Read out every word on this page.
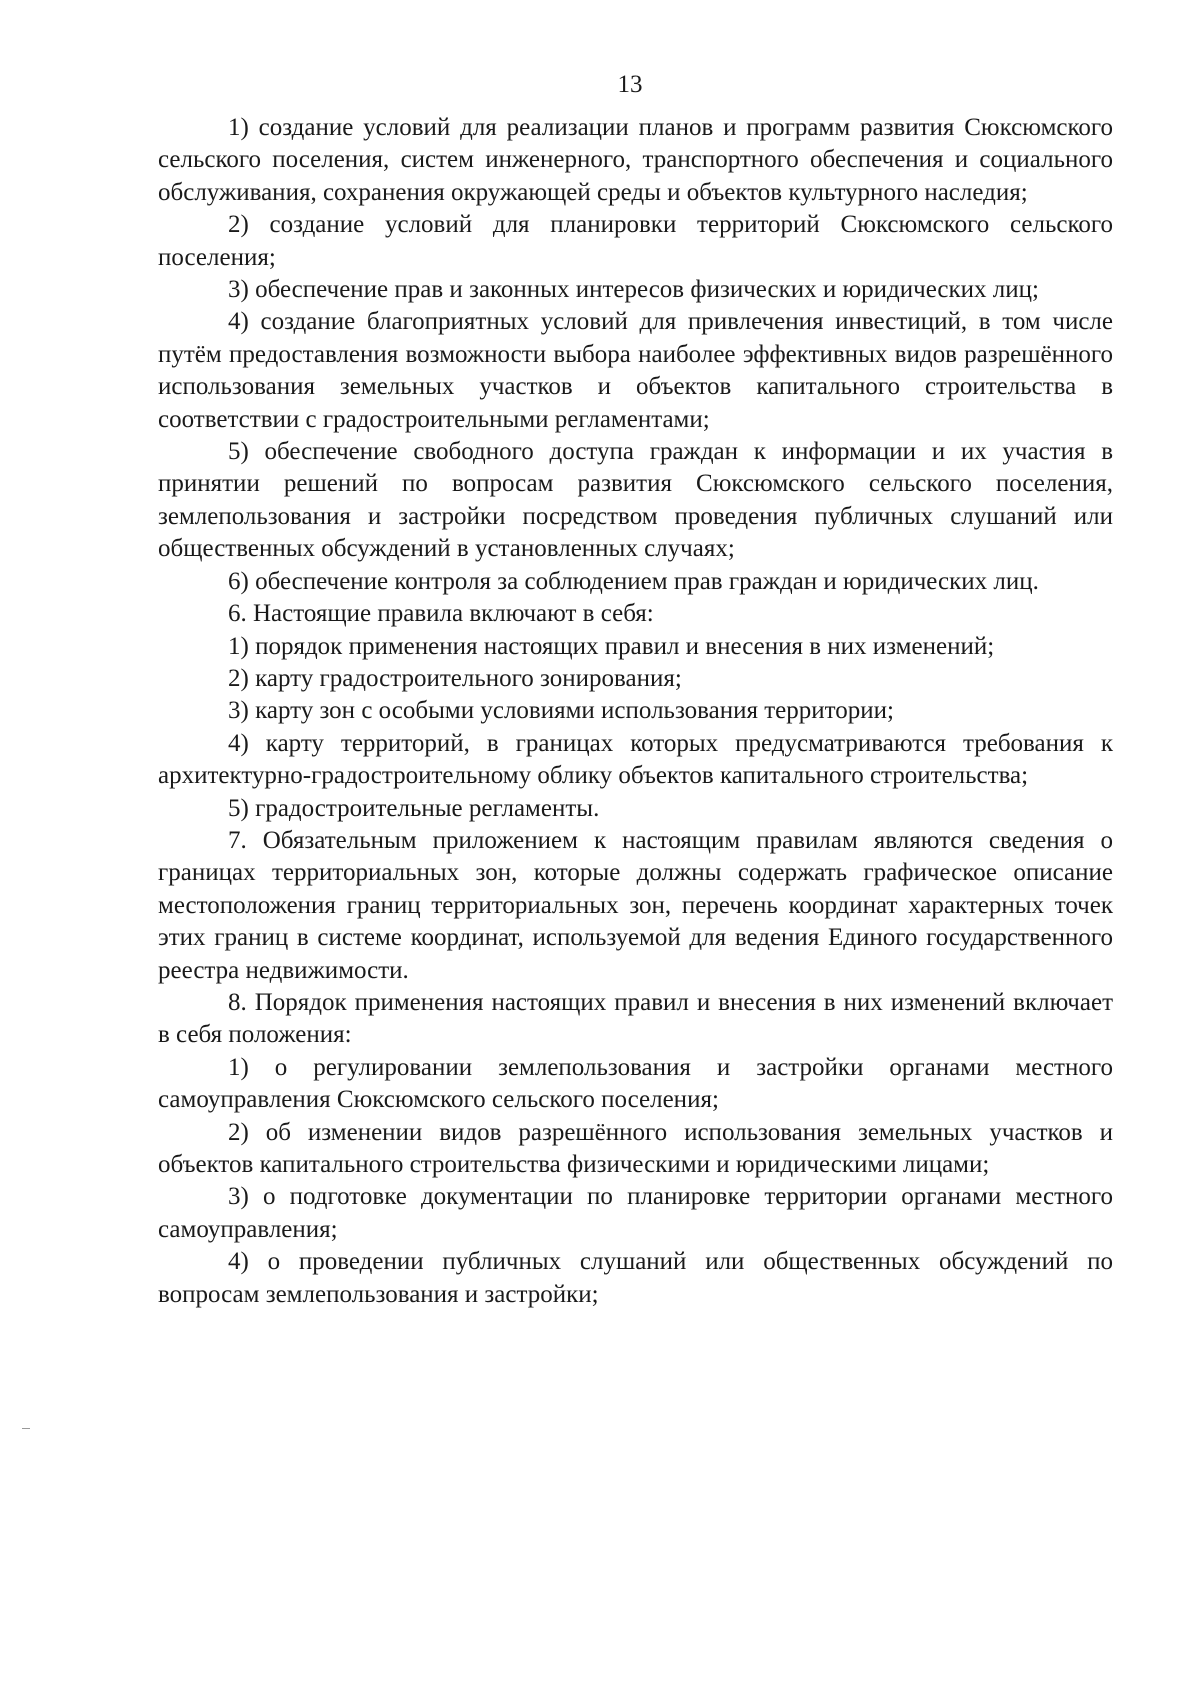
13

1) создание условий для реализации планов и программ развития Сюксюмского сельского поселения, систем инженерного, транспортного обеспечения и социального обслуживания, сохранения окружающей среды и объектов культурного наследия;

2) создание условий для планировки территорий Сюксюмского сельского поселения;

3) обеспечение прав и законных интересов физических и юридических лиц;

4) создание благоприятных условий для привлечения инвестиций, в том числе путём предоставления возможности выбора наиболее эффективных видов разрешённого использования земельных участков и объектов капитального строительства в соответствии с градостроительными регламентами;

5) обеспечение свободного доступа граждан к информации и их участия в принятии решений по вопросам развития Сюксюмского сельского поселения, землепользования и застройки посредством проведения публичных слушаний или общественных обсуждений в установленных случаях;

6) обеспечение контроля за соблюдением прав граждан и юридических лиц.

6. Настоящие правила включают в себя:

1) порядок применения настоящих правил и внесения в них изменений;

2) карту градостроительного зонирования;

3) карту зон с особыми условиями использования территории;

4) карту территорий, в границах которых предусматриваются требования к архитектурно-градостроительному облику объектов капитального строительства;

5) градостроительные регламенты.

7. Обязательным приложением к настоящим правилам являются сведения о границах территориальных зон, которые должны содержать графическое описание местоположения границ территориальных зон, перечень координат характерных точек этих границ в системе координат, используемой для ведения Единого государственного реестра недвижимости.

8. Порядок применения настоящих правил и внесения в них изменений включает в себя положения:

1) о регулировании землепользования и застройки органами местного самоуправления Сюксюмского сельского поселения;

2) об изменении видов разрешённого использования земельных участков и объектов капитального строительства физическими и юридическими лицами;

3) о подготовке документации по планировке территории органами местного самоуправления;

4) о проведении публичных слушаний или общественных обсуждений по вопросам землепользования и застройки;
